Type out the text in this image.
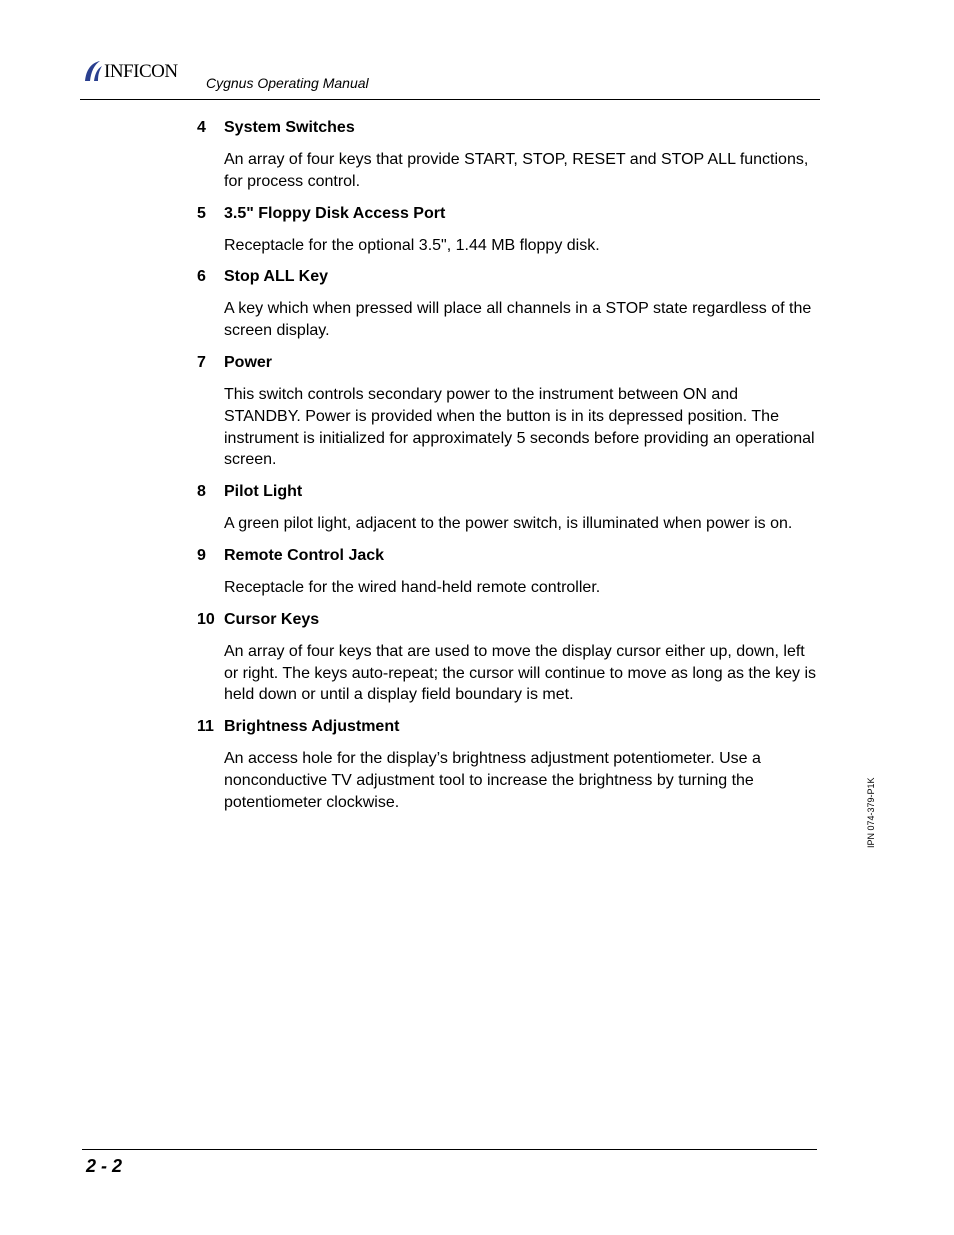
INFICON
Cygnus Operating Manual
4	System Switches

An array of four keys that provide START, STOP, RESET and STOP ALL functions, for process control.

5	3.5" Floppy Disk Access Port

Receptacle for the optional 3.5", 1.44 MB floppy disk.

6	Stop ALL Key

A key which when pressed will place all channels in a STOP state regardless of the screen display.

7	Power

This switch controls secondary power to the instrument between ON and STANDBY. Power is provided when the button is in its depressed position. The instrument is initialized for approximately 5 seconds before providing an operational screen.

8	Pilot Light

A green pilot light, adjacent to the power switch, is illuminated when power is on.

9	Remote Control Jack

Receptacle for the wired hand-held remote controller.

10 Cursor Keys

An array of four keys that are used to move the display cursor either up, down, left or right. The keys auto-repeat; the cursor will continue to move as long as the key is held down or until a display field boundary is met.

11 Brightness Adjustment

An access hole for the display’s brightness adjustment potentiometer. Use a nonconductive TV adjustment tool to increase the brightness by turning the potentiometer clockwise.	IPN 074-379-P1K
2 - 2
